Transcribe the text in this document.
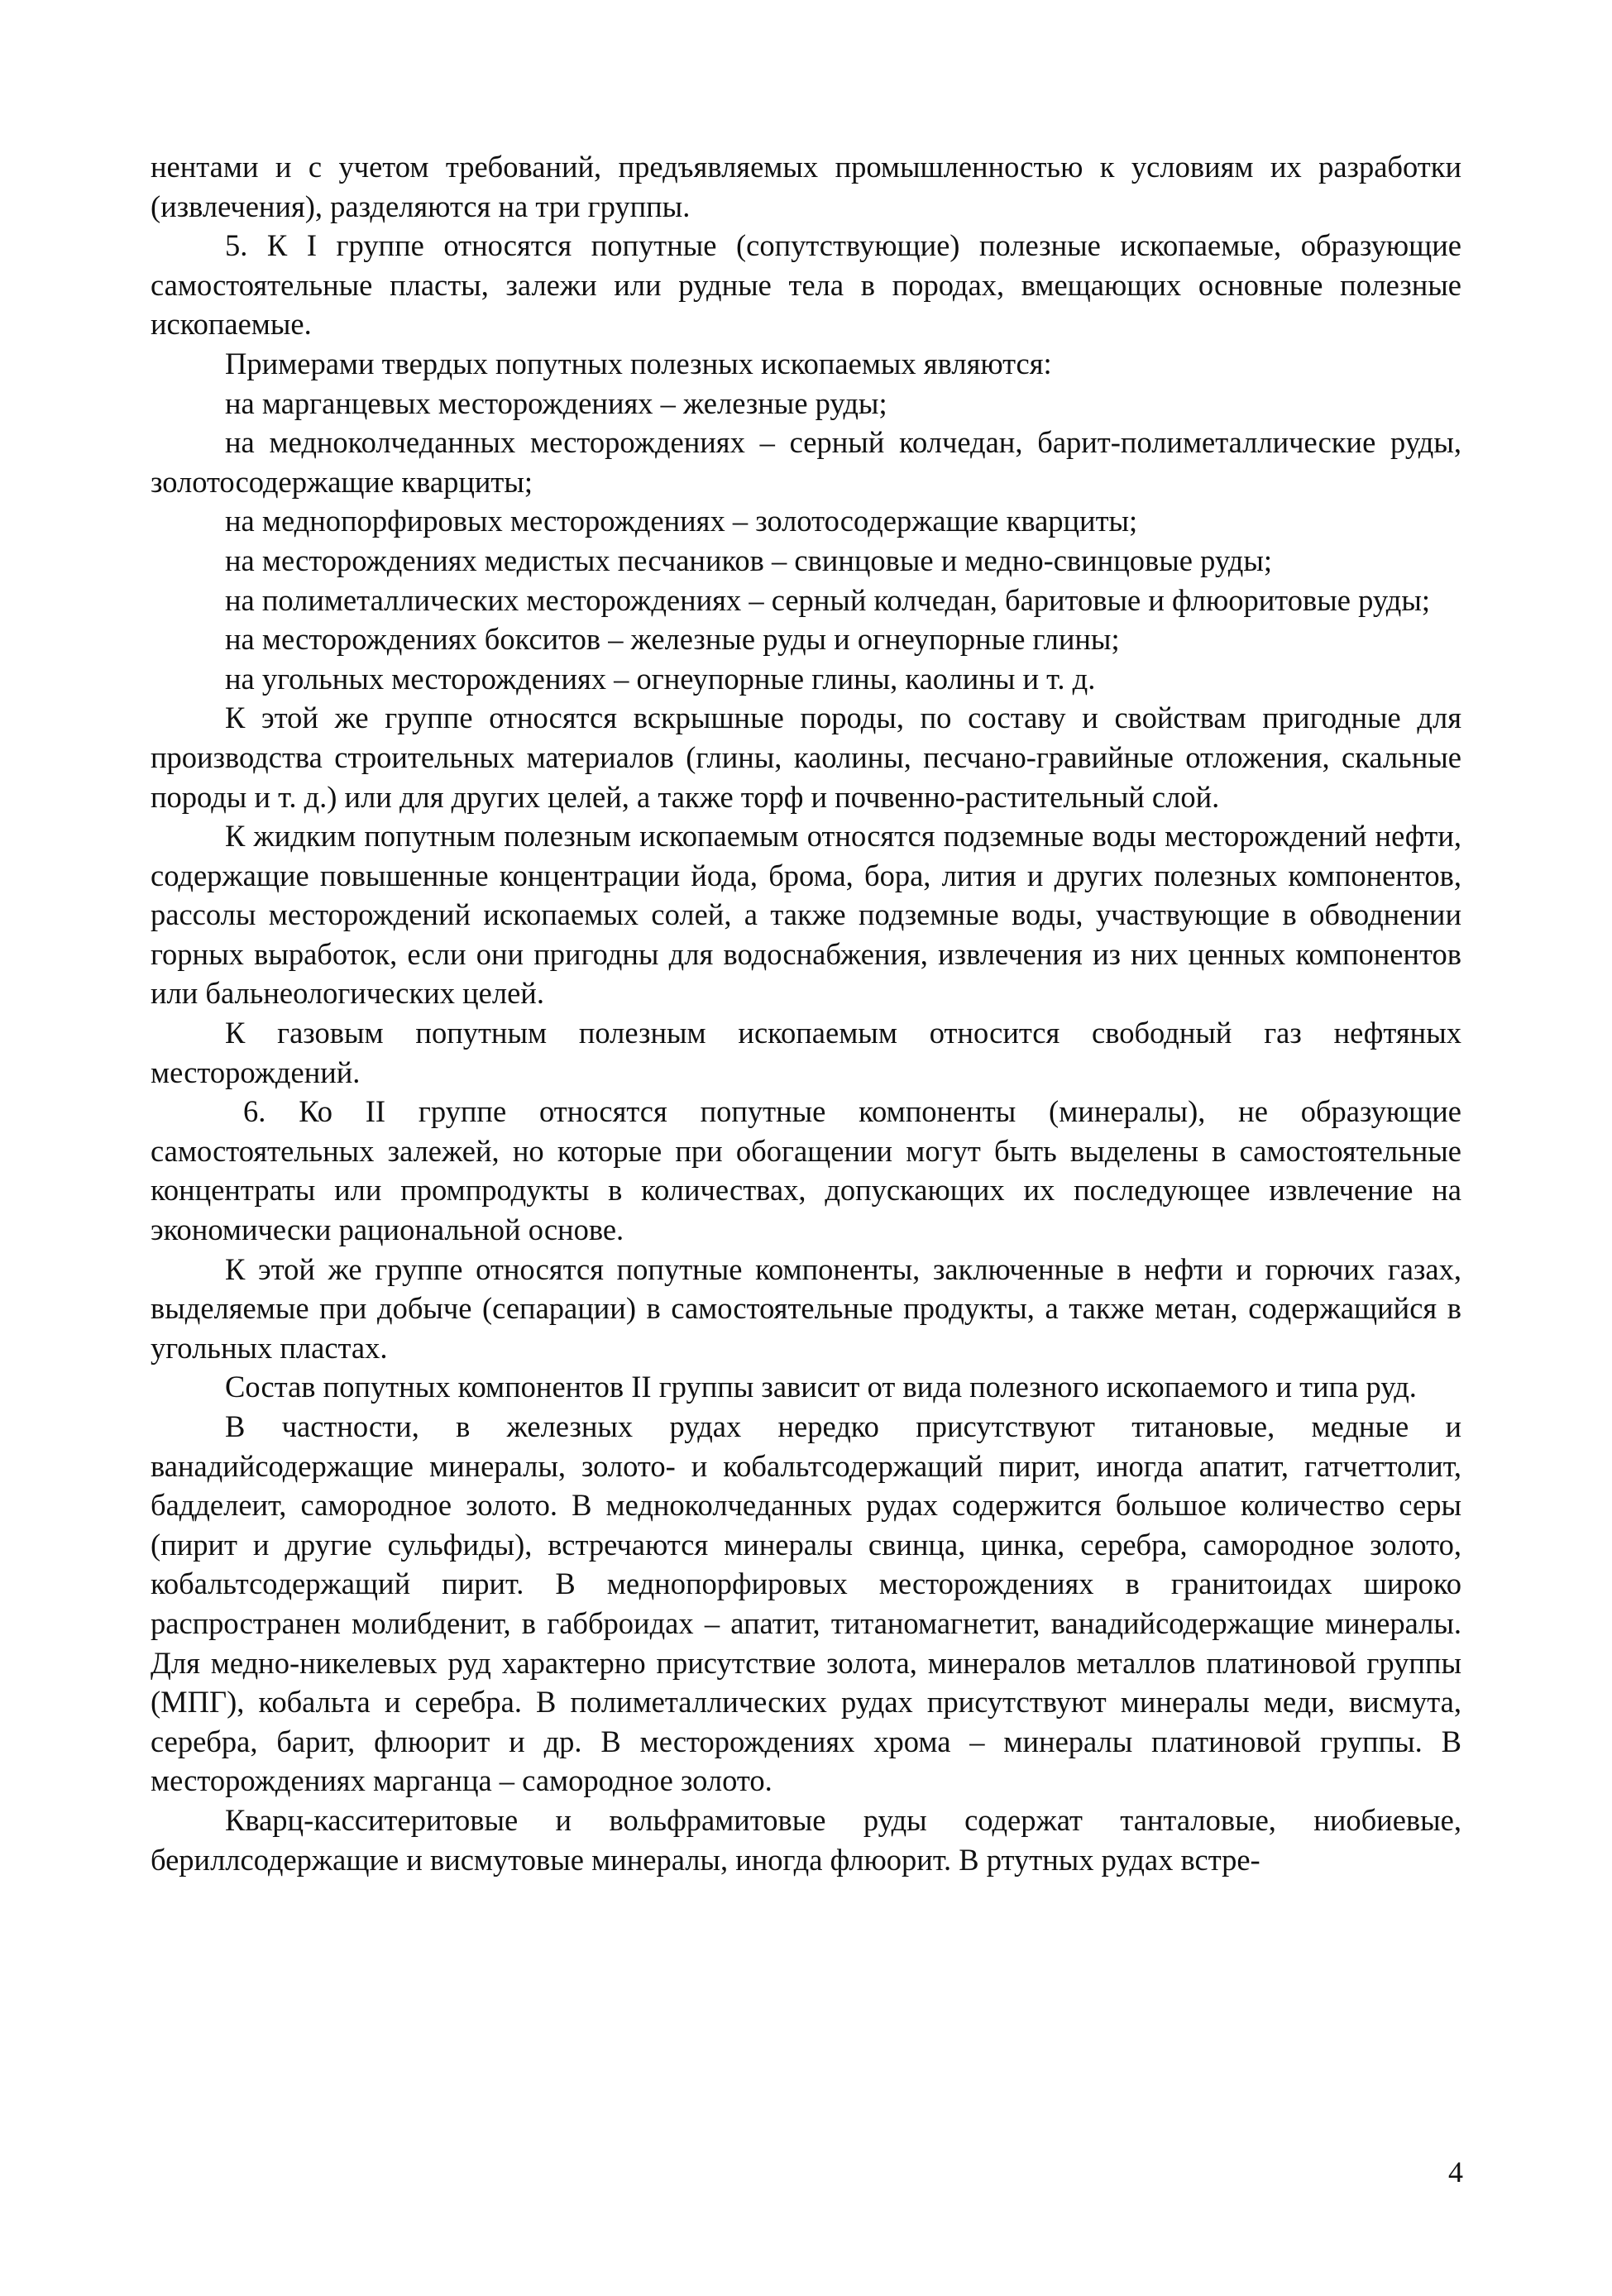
нентами и с учетом требований, предъявляемых промышленностью к условиям их разработки (извлечения), разделяются на три группы.

5. К I группе относятся попутные (сопутствующие) полезные ископаемые, образующие самостоятельные пласты, залежи или рудные тела в породах, вмещающих основные полезные ископаемые.

Примерами твердых попутных полезных ископаемых являются:

на марганцевых месторождениях – железные руды;

на медноколчеданных месторождениях – серный колчедан, барит-полиметаллические руды, золотосодержащие кварциты;

на меднопорфировых месторождениях – золотосодержащие кварциты;

на месторождениях медистых песчаников – свинцовые и медно-свинцовые руды;

на полиметаллических месторождениях – серный колчедан, баритовые и флюоритовые руды;

на месторождениях бокситов – железные руды и огнеупорные глины;

на угольных месторождениях – огнеупорные глины, каолины и т. д.

К этой же группе относятся вскрышные породы, по составу и свойствам пригодные для производства строительных материалов (глины, каолины, песчано-гравийные отложения, скальные породы и т. д.) или для других целей, а также торф и почвенно-растительный слой.

К жидким попутным полезным ископаемым относятся подземные воды месторождений нефти, содержащие повышенные концентрации йода, брома, бора, лития и других полезных компонентов, рассолы месторождений ископаемых солей, а также подземные воды, участвующие в обводнении горных выработок, если они пригодны для водоснабжения, извлечения из них ценных компонентов или бальнеологических целей.

К газовым попутным полезным ископаемым относится свободный газ нефтяных месторождений.

6. Ко II группе относятся попутные компоненты (минералы), не образующие самостоятельных залежей, но которые при обогащении могут быть выделены в самостоятельные концентраты или промпродукты в количествах, допускающих их последующее извлечение на экономически рациональной основе.

К этой же группе относятся попутные компоненты, заключенные в нефти и горючих газах, выделяемые при добыче (сепарации) в самостоятельные продукты, а также метан, содержащийся в угольных пластах.

Состав попутных компонентов II группы зависит от вида полезного ископаемого и типа руд.

В частности, в железных рудах нередко присутствуют титановые, медные и ванадийсодержащие минералы, золото- и кобальтсодержащий пирит, иногда апатит, гатчеттолит, бадделеит, самородное золото. В медноколчеданных рудах содержится большое количество серы (пирит и другие сульфиды), встречаются минералы свинца, цинка, серебра, самородное золото, кобальтсодержащий пирит. В меднопорфировых месторождениях в гранитоидах широко распространен молибденит, в габброидах – апатит, титаномагнетит, ванадийсодержащие минералы. Для медно-никелевых руд характерно присутствие золота, минералов металлов платиновой группы (МПГ), кобальта и серебра. В полиметаллических рудах присутствуют минералы меди, висмута, серебра, барит, флюорит и др. В месторождениях хрома – минералы платиновой группы. В месторождениях марганца – самородное золото.

Кварц-касситеритовые и вольфрамитовые руды содержат танталовые, ниобиевые, бериллсодержащие и висмутовые минералы, иногда флюорит. В ртутных рудах встре-

4
